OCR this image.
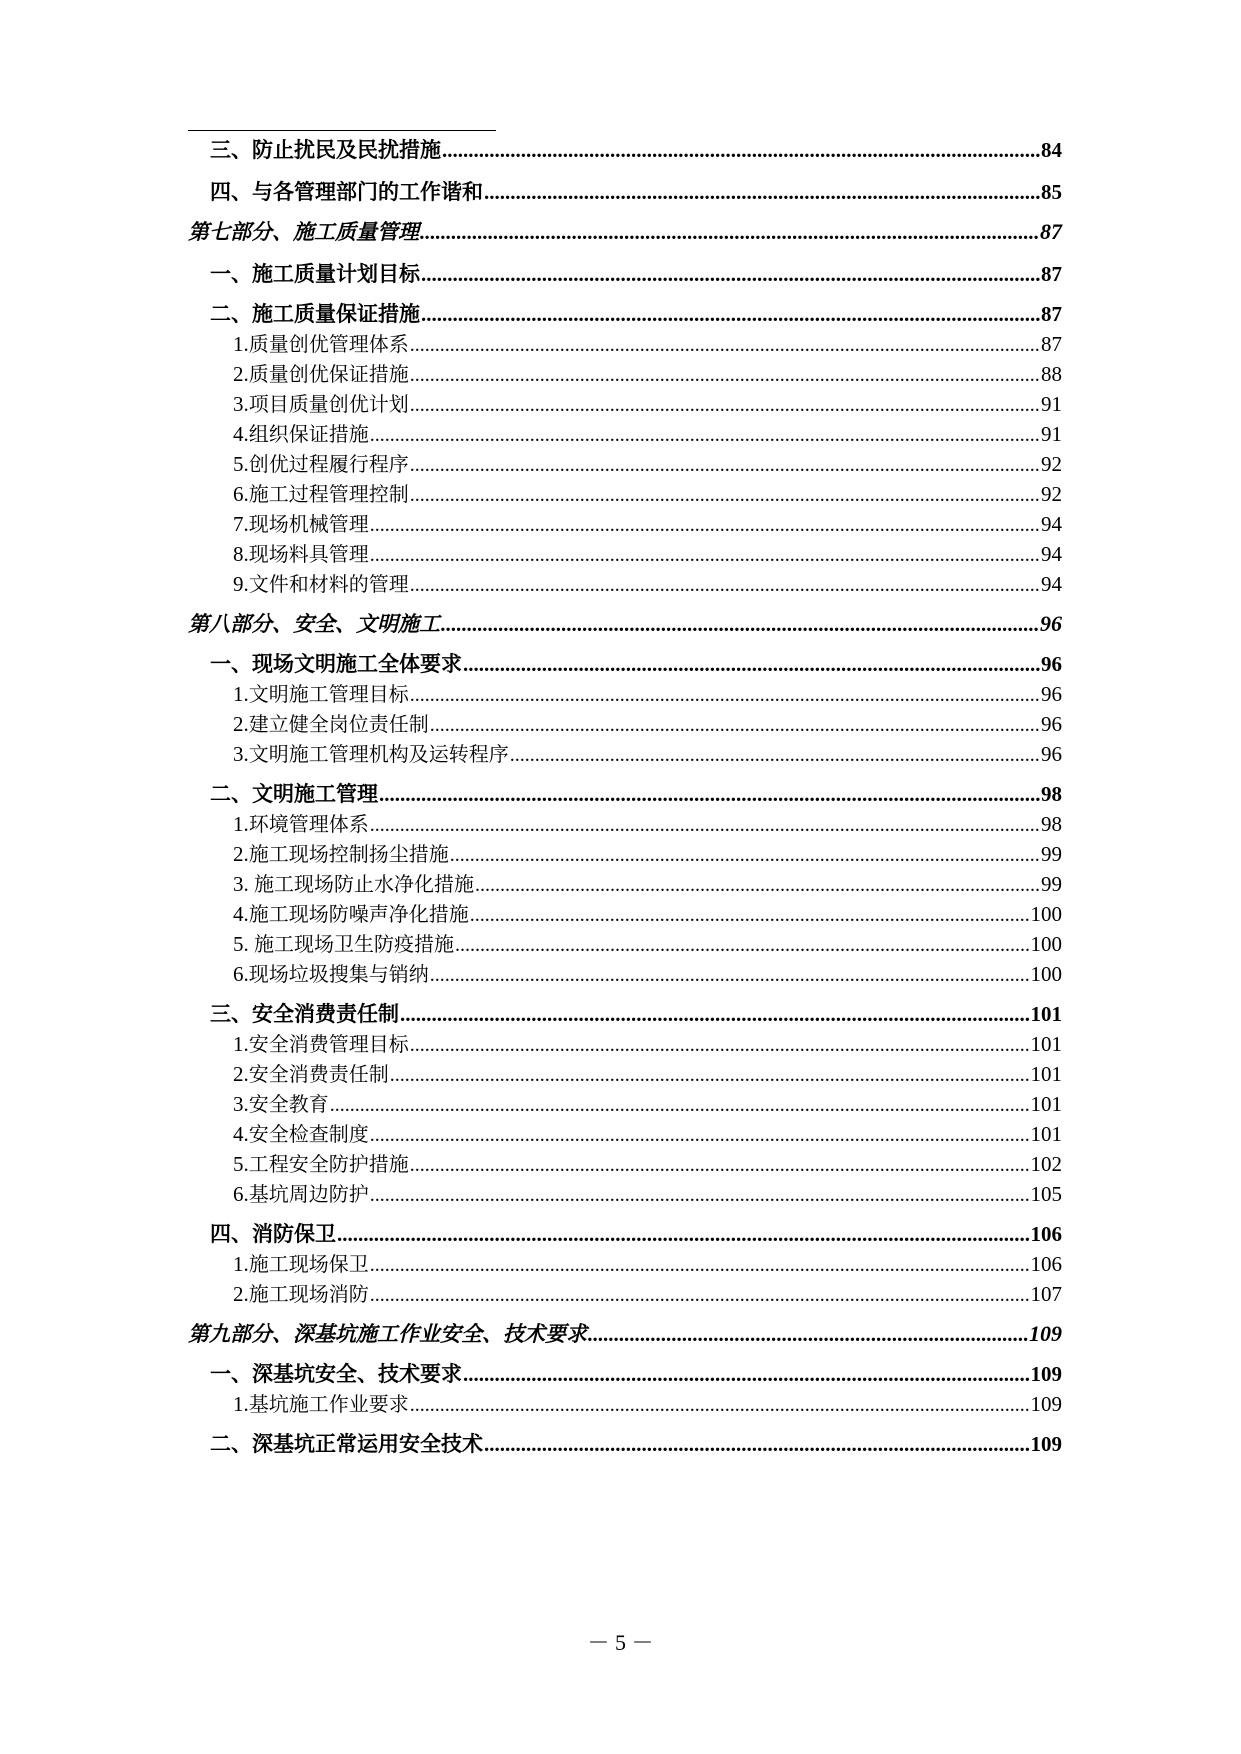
三、防止扰民及民扰措施 .....	84
四、与各管理部门的工作谐和 .....	85
第七部分、施工质量管理 .....	87
一、施工质量计划目标 .....	87
二、施工质量保证措施 .....	87
1.质量创优管理体系 .....	87
2.质量创优保证措施 .....	88
3.项目质量创优计划 .....	91
4.组织保证措施 .....	91
5.创优过程履行程序 .....	92
6.施工过程管理控制 .....	92
7.现场机械管理 .....	94
8.现场料具管理 .....	94
9.文件和材料的管理 .....	94
第八部分、安全、文明施工 .....	96
一、现场文明施工全体要求 .....	96
1.文明施工管理目标 .....	96
2.建立健全岗位责任制 .....	96
3.文明施工管理机构及运转程序 .....	96
二、文明施工管理 .....	98
1.环境管理体系 .....	98
2.施工现场控制扬尘措施 .....	99
3. 施工现场防止水净化措施 .....	99
4.施工现场防噪声净化措施 .....	100
5. 施工现场卫生防疫措施 .....	100
6.现场垃圾搜集与销纳 .....	100
三、安全消费责任制 .....	101
1.安全消费管理目标 .....	101
2.安全消费责任制 .....	101
3.安全教育 .....	101
4.安全检查制度 .....	101
5.工程安全防护措施 .....	102
6.基坑周边防护 .....	105
四、消防保卫 .....	106
1.施工现场保卫 .....	106
2.施工现场消防 .....	107
第九部分、深基坑施工作业安全、技术要求 .....	109
一、深基坑安全、技术要求 .....	109
1.基坑施工作业要求 .....	109
二、深基坑正常运用安全技术 .....	109
－ 5 －
